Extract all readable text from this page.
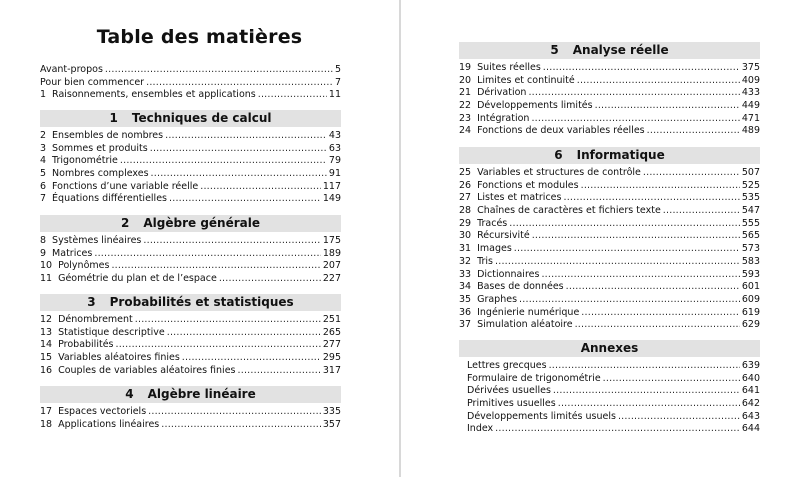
Table des matières
Avant-propos .....	5
Pour bien commencer .....	7
1 Raisonnements, ensembles et applications .....	11
1 Techniques de calcul
2 Ensembles de nombres .....	43
3 Sommes et produits .....	63
4 Trigonométrie .....	79
5 Nombres complexes .....	91
6 Fonctions d’une variable réelle .....	117
7 Équations différentielles .....	149
2 Algèbre générale
8 Systèmes linéaires .....	175
9 Matrices .....	189
10 Polynômes .....	207
11 Géométrie du plan et de l’espace .....	227
3 Probabilités et statistiques
12 Dénombrement .....	251
13 Statistique descriptive .....	265
14 Probabilités .....	277
15 Variables aléatoires finies .....	295
16 Couples de variables aléatoires finies .....	317
4 Algèbre linéaire
17 Espaces vectoriels .....	335
18 Applications linéaires .....	357
5 Analyse réelle
19 Suites réelles .....	375
20 Limites et continuité .....	409
21 Dérivation .....	433
22 Développements limités .....	449
23 Intégration .....	471
24 Fonctions de deux variables réelles .....	489
6 Informatique
25 Variables et structures de contrôle .....	507
26 Fonctions et modules .....	525
27 Listes et matrices .....	535
28 Chaînes de caractères et fichiers texte .....	547
29 Tracés .....	555
30 Récursivité .....	565
31 Images .....	573
32 Tris .....	583
33 Dictionnaires .....	593
34 Bases de données .....	601
35 Graphes .....	609
36 Ingénierie numérique .....	619
37 Simulation aléatoire .....	629
Annexes
Lettres grecques .....	639
Formulaire de trigonométrie .....	640
Dérivées usuelles .....	641
Primitives usuelles .....	642
Développements limités usuels .....	643
Index .....	644
